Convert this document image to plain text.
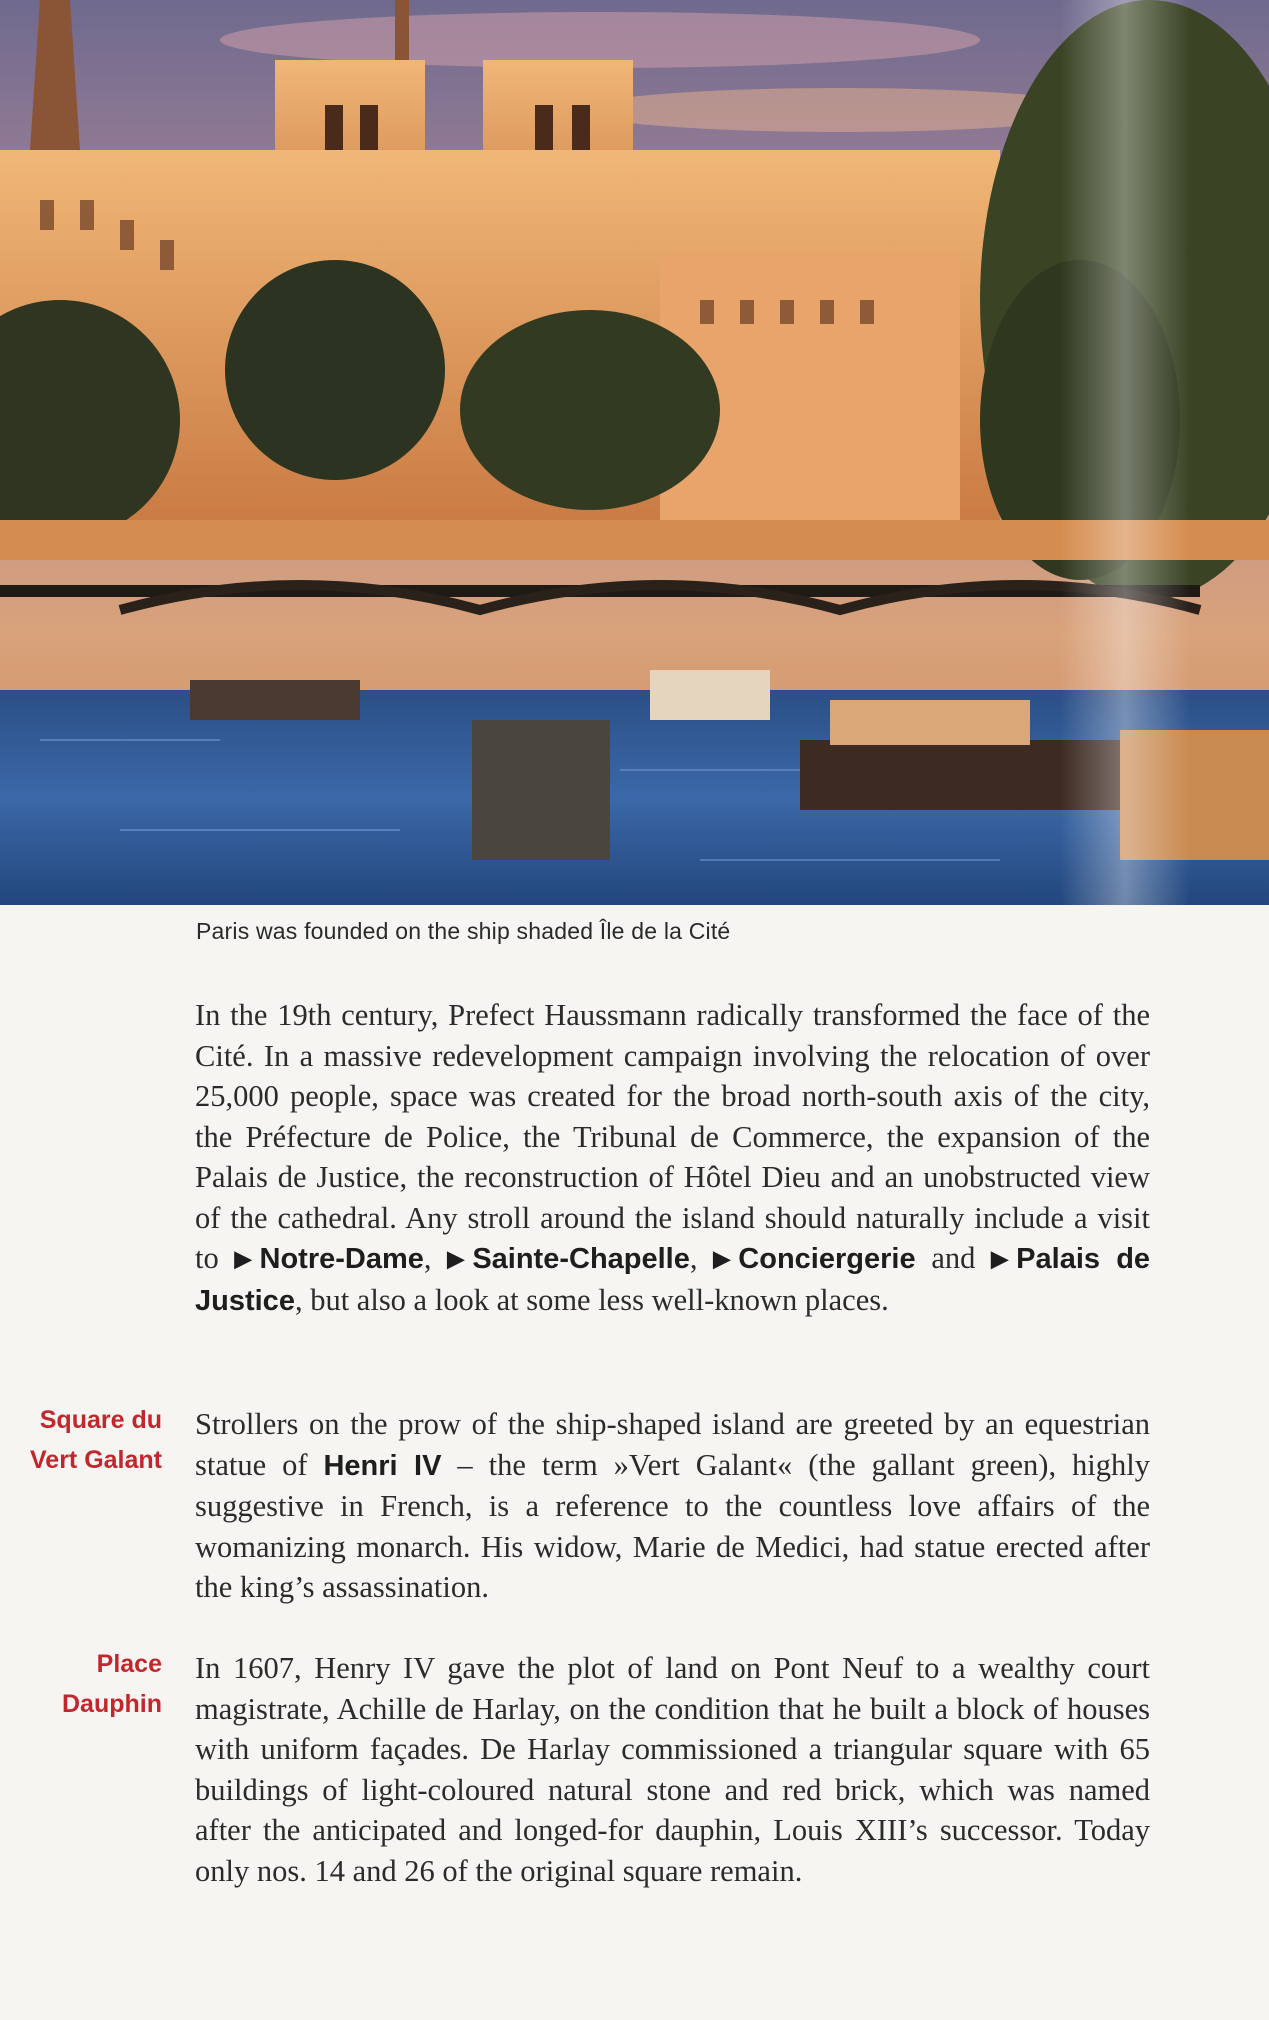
Paris was founded on the ship shaded Île de la Cité
In the 19th century, Prefect Haussmann radically transformed the face of the Cité. In a massive redevelopment campaign involving the relocation of over 25,000 people, space was created for the broad north-south axis of the city, the Préfecture de Police, the Tribunal de Commerce, the expansion of the Palais de Justice, the reconstruction of Hôtel Dieu and an unobstructed view of the cathedral. Any stroll around the island should naturally include a visit to ▶Notre-Dame, ▶Sainte-Chapelle, ▶Conciergerie and ▶Palais de Justice, but also a look at some less well-known places.
Square du
Vert Galant
Strollers on the prow of the ship-shaped island are greeted by an equestrian statue of Henri IV – the term »Vert Galant« (the gallant green), highly suggestive in French, is a reference to the countless love affairs of the womanizing monarch. His widow, Marie de Medici, had statue erected after the king’s assassination.
Place
Dauphin
In 1607, Henry IV gave the plot of land on Pont Neuf to a wealthy court magistrate, Achille de Harlay, on the condition that he built a block of houses with uniform façades. De Harlay commissioned a triangular square with 65 buildings of light-coloured natural stone and red brick, which was named after the anticipated and longed-for dauphin, Louis XIII’s successor. Today only nos. 14 and 26 of the original square remain.
